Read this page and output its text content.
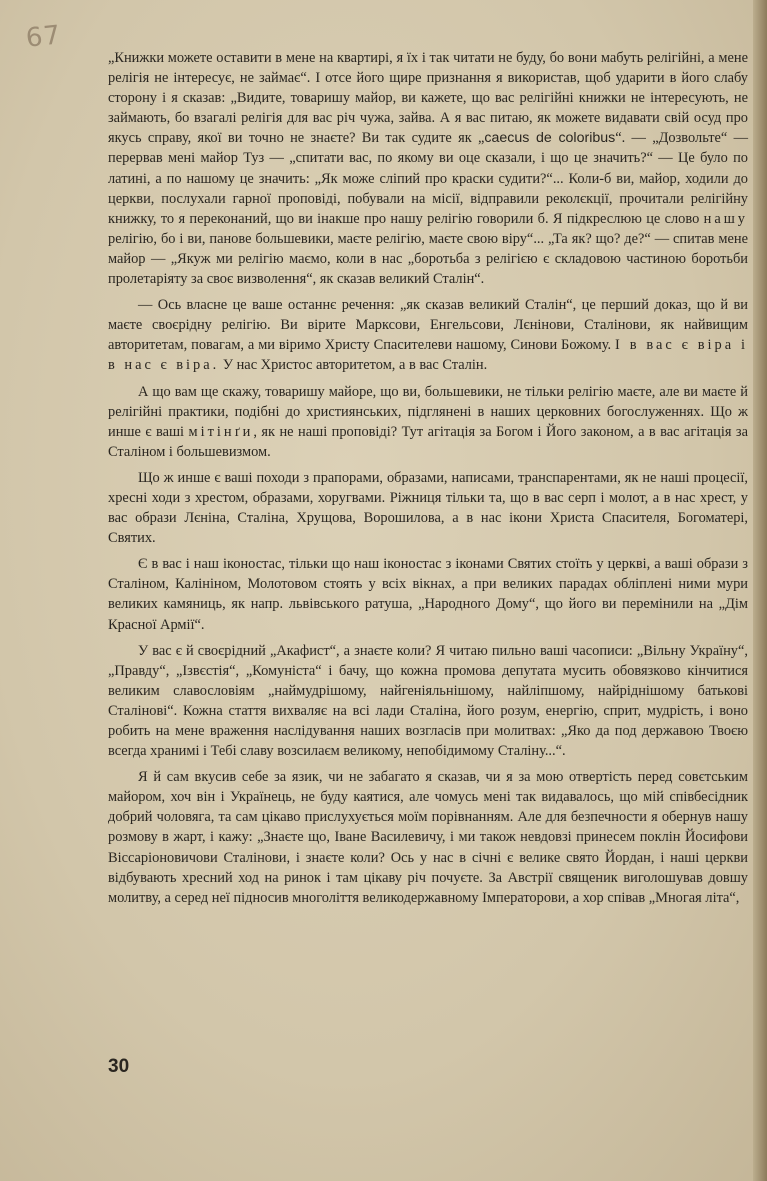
67

„Книжки можете оставити в мене на квартирі, я їх і так читати не буду, бо вони мабуть релігійні, а мене релігія не інтересує, не займає“. І отсе його щире признання я використав, щоб ударити в його слабу сторону і я сказав: „Видите, товаришу майор, ви кажете, що вас релігійні книжки не інтересують, не займають, бо взагалі релігія для вас річ чужа, зайва. А я вас питаю, як можете видавати свій осуд про якусь справу, якої ви точно не знаєте? Ви так судите як „caecus de coloribus“. — „Дозвольте“ — перервав мені майор Туз — „спитати вас, по якому ви оце сказали, і що це значить?“ — Це було по латині, а по нашому це значить: „Як може сліпий про краски судити?“... Коли-б ви, майор, ходили до церкви, послухали гарної проповіді, побували на місії, відправили реколєкції, прочитали релігійну книжку, то я переконаний, що ви інакше про нашу релігію говорили б. Я підкреслюю це слово нашу релігію, бо і ви, панове большевики, маєте релігію, маєте свою віру“... „Та як? що? де?“ — спитав мене майор — „Якуж ми релігію маємо, коли в нас „боротьба з релігією є складовою частиною боротьби пролетаріяту за своє визволення“, як сказав великий Сталін“.

— Ось власне це ваше останнє речення: „як сказав великий Сталін“, це перший доказ, що й ви маєте своєрідну релігію. Ви вірите Марксови, Енгельсови, Лєнінови, Сталінови, як найвищим авторитетам, повагам, а ми віримо Христу Спасителеви нашому, Синови Божому. І в вас є віра і в нас є віра. У нас Христос авторитетом, а в вас Сталін.

А що вам ще скажу, товаришу майоре, що ви, большевики, не тільки релігію маєте, але ви маєте й релігійні практики, подібні до християнських, підглянені в наших церковних богослуженнях. Що ж инше є ваші мітінґи, як не наші проповіді? Тут агітація за Богом і Його законом, а в вас агітація за Сталіном і большевизмом.

Що ж инше є ваші походи з прапорами, образами, написами, транспарентами, як не наші процесії, хресні ходи з хрестом, образами, хоругвами. Ріжниця тільки та, що в вас серп і молот, а в нас хрест, у вас образи Лєніна, Сталіна, Хрущова, Ворошилова, а в нас ікони Христа Спасителя, Богоматері, Святих.

Є в вас і наш іконостас, тільки що наш іконостас з іконами Святих стоїть у церкві, а ваші образи з Сталіном, Калініном, Молотовом стоять у всіх вікнах, а при великих парадах обліплені ними мури великих камяниць, як напр. львівського ратуша, „Народного Дому“, що його ви перемінили на „Дім Красної Армії“.

У вас є й своєрідний „Акафист“, а знаєте коли? Я читаю пильно ваші часописи: „Вільну Україну“, „Правду“, „Ізвєстія“, „Комуніста“ і бачу, що кожна промова депутата мусить обовязково кінчитися великим славословіям „наймудрішому, найгеніяльнішому, найліпшому, найріднішому батькові Сталінові“. Кожна стаття вихваляє на всі лади Сталіна, його розум, енергію, сприт, мудрість, і воно робить на мене враження наслідування наших возгласів при молитвах: „Яко да под державою Твоєю всегда хранимі і Тебі славу возсилаєм великому, непобідимому Сталіну...“.

Я й сам вкусив себе за язик, чи не забагато я сказав, чи я за мою отвертість перед совєтським майором, хоч він і Українець, не буду каятися, але чомусь мені так видавалось, що мій співбесідник добрий чоловяга, та сам цікаво прислухується моїм порівнанням. Але для безпечности я обернув нашу розмову в жарт, і кажу: „Знаєте що, Іване Василевичу, і ми також невдовзі принесем поклін Йосифови Віссаріоновичови Сталінови, і знаєте коли? Ось у нас в січні є велике свято Йордан, і наші церкви відбувають хресний ход на ринок і там цікаву річ почуєте. За Австрії священик виголошував довшу молитву, а серед неї підносив многоліття великодержавному Імператорови, а хор співав „Многая літа“,

30
